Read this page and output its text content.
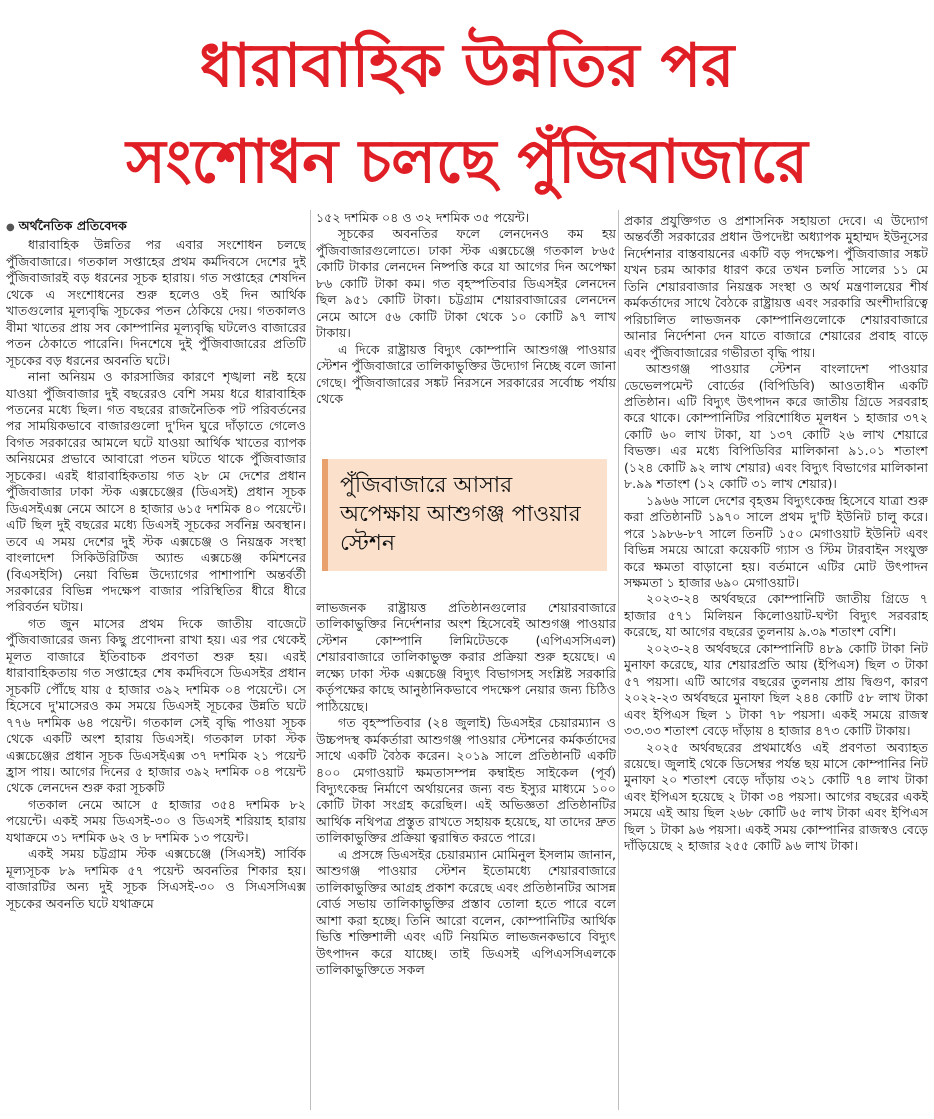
ধারাবাহিক উন্নতির পর
সংশোধন চলছে পুঁজিবাজারে
● অর্থনৈতিক প্রতিবেদক

ধারাবাহিক উন্নতির পর এবার সংশোধন চলছে পুঁজিবাজারে। গতকাল সপ্তাহের প্রথম কর্মদিবসে দেশের দুই পুঁজিবাজারই বড় ধরনের সূচক হারায়। গত সপ্তাহের শেষদিন থেকে এ সংশোধনের শুরু হলেও ওই দিন আর্থিক খাতগুলোর মূল্যবৃদ্ধি সূচকের পতন ঠেকিয়ে দেয়। গতকালও বীমা খাতের প্রায় সব কোম্পানির মূল্যবৃদ্ধি ঘটলেও বাজারের পতন ঠেকাতে পারেনি। দিনশেষে দুই পুঁজিবাজারের প্রতিটি সূচকের বড় ধরনের অবনতি ঘটে।

নানা অনিয়ম ও কারসাজির কারণে শৃঙ্খলা নষ্ট হয়ে যাওয়া পুঁজিবাজার দুই বছরেরও বেশি সময় ধরে ধারাবাহিক পতনের মধ্যে ছিল। গত বছরের রাজনৈতিক পট পরিবর্তনের পর সাময়িকভাবে বাজারগুলো দু'দিন ঘুরে দাঁড়াতে গেলেও বিগত সরকারের আমলে ঘটে যাওয়া আর্থিক খাতের ব্যাপক অনিয়মের প্রভাবে আবারো পতন ঘটতে থাকে পুঁজিবাজার সূচকের। এরই ধারাবাহিকতায় গত ২৮ মে দেশের প্রধান পুঁজিবাজার ঢাকা স্টক এক্সচেঞ্জের (ডিএসই) প্রধান সূচক ডিএসইএক্স নেমে আসে ৪ হাজার ৬১৫ দশমিক ৪০ পয়েন্টে। এটি ছিল দুই বছরের মধ্যে ডিএসই সূচকের সর্বনিম্ন অবস্থান। তবে এ সময় দেশের দুই স্টক এক্সচেঞ্জ ও নিয়ন্ত্রক সংস্থা বাংলাদেশ সিকিউরিটিজ অ্যান্ড এক্সচেঞ্জ কমিশনের (বিএসইসি) নেয়া বিভিন্ন উদ্যোগের পাশাপাশি অন্তর্বর্তী সরকারের বিভিন্ন পদক্ষেপ বাজার পরিস্থিতির ধীরে ধীরে পরিবর্তন ঘটায়।

গত জুন মাসের প্রথম দিকে জাতীয় বাজেটে পুঁজিবাজারের জন্য কিছু প্রণোদনা রাখা হয়। এর পর থেকেই মূলত বাজারে ইতিবাচক প্রবণতা শুরু হয়। এরই ধারাবাহিকতায় গত সপ্তাহের শেষ কর্মদিবসে ডিএসইর প্রধান সূচকটি পৌঁছে যায় ৫ হাজার ৩৯২ দশমিক ০৪ পয়েন্টে। সে হিসেবে দু'মাসেরও কম সময়ে ডিএসই সূচকের উন্নতি ঘটে ৭৭৬ দশমিক ৬৪ পয়েন্ট। গতকাল সেই বৃদ্ধি পাওয়া সূচক থেকে একটি অংশ হারায় ডিএসই। গতকাল ঢাকা স্টক এক্সচেঞ্জের প্রধান সূচক ডিএসইএক্স ৩৭ দশমিক ২১ পয়েন্ট হ্রাস পায়। আগের দিনের ৫ হাজার ৩৯২ দশমিক ০৪ পয়েন্ট থেকে লেনদেন শুরু করা সূচকটি

গতকাল নেমে আসে ৫ হাজার ৩৫৪ দশমিক ৮২ পয়েন্টে। একই সময় ডিএসই-৩০ ও ডিএসই শরিয়াহ হারায় যথাক্রমে ৩১ দশমিক ৬২ ও ৮ দশমিক ১৩ পয়েন্ট।

একই সময় চট্টগ্রাম স্টক এক্সচেঞ্জে (সিএসই) সার্বিক মূল্যসূচক ৮৯ দশমিক ৫৭ পয়েন্ট অবনতির শিকার হয়। বাজারটির অন্য দুই সূচক সিএসই-৩০ ও সিএসসিএক্স সূচকের অবনতি ঘটে যথাক্রমে

১৫২ দশমিক ০৪ ও ৩২ দশমিক ৩৫ পয়েন্ট।

সূচকের অবনতির ফলে লেনদেনও কম হয় পুঁজিবাজারগুলোতে। ঢাকা স্টক এক্সচেঞ্জে গতকাল ৮৬৫ কোটি টাকার লেনদেন নিষ্পত্তি করে যা আগের দিন অপেক্ষা ৮৬ কোটি টাকা কম। গত বৃহস্পতিবার ডিএসইর লেনদেন ছিল ৯৫১ কোটি টাকা। চট্টগ্রাম শেয়ারবাজারের লেনদেন নেমে আসে ৫৬ কোটি টাকা থেকে ১০ কোটি ৯৭ লাখ টাকায়।

এ দিকে রাষ্ট্রায়ত্ত বিদ্যুৎ কোম্পানি আশুগঞ্জ পাওয়ার স্টেশন পুঁজিবাজারে তালিকাভুক্তির উদ্যোগ নিচ্ছে বলে জানা গেছে। পুঁজিবাজারের সঙ্কট নিরসনে সরকারের সর্বোচ্চ পর্যায় থেকে

পুঁজিবাজারে আসার অপেক্ষায় আশুগঞ্জ পাওয়ার স্টেশন

লাভজনক রাষ্ট্রায়ত্ত প্রতিষ্ঠানগুলোর শেয়ারবাজারে তালিকাভুক্তির নির্দেশনার অংশ হিসেবেই আশুগঞ্জ পাওয়ার স্টেশন কোম্পানি লিমিটেডকে (এপিএসসিএল) শেয়ারবাজারে তালিকাভুক্ত করার প্রক্রিয়া শুরু হয়েছে। এ লক্ষ্যে ঢাকা স্টক এক্সচেঞ্জ বিদ্যুৎ বিভাগসহ সংশ্লিষ্ট সরকারি কর্তৃপক্ষের কাছে আনুষ্ঠানিকভাবে পদক্ষেপ নেয়ার জন্য চিঠিও পাঠিয়েছে।

গত বৃহস্পতিবার (২৪ জুলাই) ডিএসইর চেয়ারম্যান ও উচ্চপদস্থ কর্মকর্তারা আশুগঞ্জ পাওয়ার স্টেশনের কর্মকর্তাদের সাথে একটি বৈঠক করেন। ২০১৯ সালে প্রতিষ্ঠানটি একটি ৪০০ মেগাওয়াট ক্ষমতাসম্পন্ন কম্বাইন্ড সাইকেল (পূর্ব) বিদ্যুৎকেন্দ্র নির্মাণে অর্থায়নের জন্য বন্ড ইস্যুর মাধ্যমে ১০০ কোটি টাকা সংগ্রহ করেছিল। এই অভিজ্ঞতা প্রতিষ্ঠানটির আর্থিক নথিপত্র প্রস্তুত রাখতে সহায়ক হয়েছে, যা তাদের দ্রুত তালিকাভুক্তির প্রক্রিয়া ত্বরান্বিত করতে পারে।

এ প্রসঙ্গে ডিএসইর চেয়ারম্যান মোমিনুল ইসলাম জানান, আশুগঞ্জ পাওয়ার স্টেশন ইতোমধ্যে শেয়ারবাজারে তালিকাভুক্তির আগ্রহ প্রকাশ করেছে এবং প্রতিষ্ঠানটির আসন্ন বোর্ড সভায় তালিকাভুক্তির প্রস্তাব তোলা হতে পারে বলে আশা করা হচ্ছে। তিনি আরো বলেন, কোম্পানিটির আর্থিক ভিত্তি শক্তিশালী এবং এটি নিয়মিত লাভজনকভাবে বিদ্যুৎ উৎপাদন করে যাচ্ছে। তাই ডিএসই এপিএসসিএলকে তালিকাভুক্তিতে সকল

প্রকার প্রযুক্তিগত ও প্রশাসনিক সহায়তা দেবে। এ উদ্যোগ অন্তর্বর্তী সরকারের প্রধান উপদেষ্টা অধ্যাপক মুহাম্মদ ইউনূসের নির্দেশনার বাস্তবায়নের একটি বড় পদক্ষেপ। পুঁজিবাজার সঙ্কট যখন চরম আকার ধারণ করে তখন চলতি সালের ১১ মে তিনি শেয়ারবাজার নিয়ন্ত্রক সংস্থা ও অর্থ মন্ত্রণালয়ের শীর্ষ কর্মকর্তাদের সাথে বৈঠকে রাষ্ট্রায়ত্ত এবং সরকারি অংশীদারিত্বে পরিচালিত লাভজনক কোম্পানিগুলোকে শেয়ারবাজারে আনার নির্দেশনা দেন যাতে বাজারে শেয়ারের প্রবাহ বাড়ে এবং পুঁজিবাজারের গভীরতা বৃদ্ধি পায়।

আশুগঞ্জ পাওয়ার স্টেশন বাংলাদেশ পাওয়ার ডেভেলপমেন্ট বোর্ডের (বিপিডিবি) আওতাধীন একটি প্রতিষ্ঠান। এটি বিদ্যুৎ উৎপাদন করে জাতীয় গ্রিডে সরবরাহ করে থাকে। কোম্পানিটির পরিশোধিত মূলধন ১ হাজার ৩৭২ কোটি ৬০ লাখ টাকা, যা ১৩৭ কোটি ২৬ লাখ শেয়ারে বিভক্ত। এর মধ্যে বিপিডিবির মালিকানা ৯১.০১ শতাংশ (১২৪ কোটি ৯২ লাখ শেয়ার) এবং বিদ্যুৎ বিভাগের মালিকানা ৮.৯৯ শতাংশ (১২ কোটি ৩১ লাখ শেয়ার)।

১৯৬৬ সালে দেশের বৃহত্তম বিদ্যুৎকেন্দ্র হিসেবে যাত্রা শুরু করা প্রতিষ্ঠানটি ১৯৭০ সালে প্রথম দু'টি ইউনিট চালু করে। পরে ১৯৮৬-৮৭ সালে তিনটি ১৫০ মেগাওয়াট ইউনিট এবং বিভিন্ন সময়ে আরো কয়েকটি গ্যাস ও স্টিম টারবাইন সংযুক্ত করে ক্ষমতা বাড়ানো হয়। বর্তমানে এটির মোট উৎপাদন সক্ষমতা ১ হাজার ৬৯০ মেগাওয়াট।

২০২৩-২৪ অর্থবছরে কোম্পানিটি জাতীয় গ্রিডে ৭ হাজার ৫৭১ মিলিয়ন কিলোওয়াট-ঘণ্টা বিদ্যুৎ সরবরাহ করেছে, যা আগের বছরের তুলনায় ৯.৩৯ শতাংশ বেশি।

২০২৩-২৪ অর্থবছরে কোম্পানিটি ৪৮৯ কোটি টাকা নিট মুনাফা করেছে, যার শেয়ারপ্রতি আয় (ইপিএস) ছিল ৩ টাকা ৫৭ পয়সা। এটি আগের বছরের তুলনায় প্রায় দ্বিগুণ, কারণ ২০২২-২৩ অর্থবছরে মুনাফা ছিল ২৪৪ কোটি ৫৮ লাখ টাকা এবং ইপিএস ছিল ১ টাকা ৭৮ পয়সা। একই সময়ে রাজস্ব ৩৩.৩৩ শতাংশ বেড়ে দাঁড়ায় ৪ হাজার ৪৭৩ কোটি টাকায়।

২০২৫ অর্থবছরের প্রথমার্ধেও এই প্রবণতা অব্যাহত রয়েছে। জুলাই থেকে ডিসেম্বর পর্যন্ত ছয় মাসে কোম্পানির নিট মুনাফা ২০ শতাংশ বেড়ে দাঁড়ায় ৩২১ কোটি ৭৪ লাখ টাকা এবং ইপিএস হয়েছে ২ টাকা ৩৪ পয়সা। আগের বছরের একই সময়ে এই আয় ছিল ২৬৮ কোটি ৬৫ লাখ টাকা এবং ইপিএস ছিল ১ টাকা ৯৬ পয়সা। একই সময় কোম্পানির রাজস্বও বেড়ে দাঁড়িয়েছে ২ হাজার ২৫৫ কোটি ৯৬ লাখ টাকা।
